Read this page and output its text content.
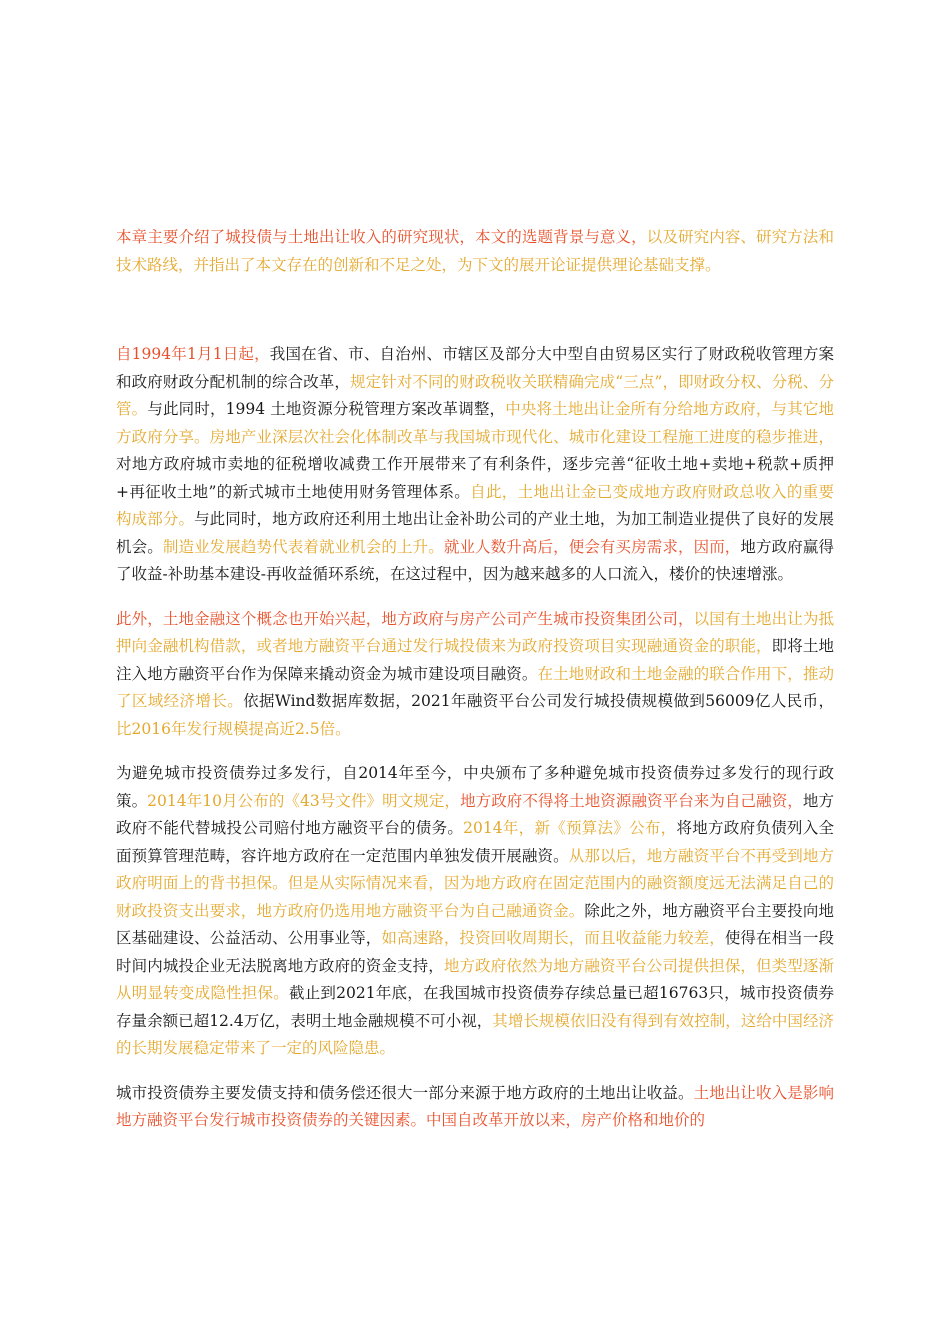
本章主要介绍了城投债与土地出让收入的研究现状，本文的选题背景与意义，以及研究内容、研究方法和技术路线，并指出了本文存在的创新和不足之处，为下文的展开论证提供理论基础支撑。

自1994年1月1日起，我国在省、市、自治州、市辖区及部分大中型自由贸易区实行了财政税收管理方案和政府财政分配机制的综合改革，规定针对不同的财政税收关联精确完成“三点”，即财政分权、分税、分管。与此同时，1994 土地资源分税管理方案改革调整，中央将土地出让金所有分给地方政府，与其它地方政府分享。房地产业深层次社会化体制改革与我国城市现代化、城市化建设工程施工进度的稳步推进，对地方政府城市卖地的征税增收减费工作开展带来了有利条件，逐步完善“征收土地+卖地+税款+质押+再征收土地”的新式城市土地使用财务管理体系。自此，土地出让金已变成地方政府财政总收入的重要构成部分。与此同时，地方政府还利用土地出让金补助公司的产业土地，为加工制造业提供了良好的发展机会。制造业发展趋势代表着就业机会的上升。就业人数升高后，便会有买房需求，因而，地方政府赢得了收益-补助基本建设-再收益循环系统，在这过程中，因为越来越多的人口流入，楼价的快速增涨。

此外，土地金融这个概念也开始兴起，地方政府与房产公司产生城市投资集团公司，以国有土地出让为抵押向金融机构借款，或者地方融资平台通过发行城投债来为政府投资项目实现融通资金的职能，即将土地注入地方融资平台作为保障来撬动资金为城市建设项目融资。在土地财政和土地金融的联合作用下，推动了区域经济增长。依据Wind数据库数据，2021年融资平台公司发行城投债规模做到56009亿人民币，比2016年发行规模提高近2.5倍。

为避免城市投资债券过多发行，自2014年至今，中央颁布了多种避免城市投资债券过多发行的现行政策。2014年10月公布的《43号文件》明文规定，地方政府不得将土地资源融资平台来为自己融资，地方政府不能代替城投公司赔付地方融资平台的债务。2014年，新《预算法》公布，将地方政府负债列入全面预算管理范畴，容许地方政府在一定范围内单独发债开展融资。从那以后，地方融资平台不再受到地方政府明面上的背书担保。但是从实际情况来看，因为地方政府在固定范围内的融资额度远无法满足自己的财政投资支出要求，地方政府仍选用地方融资平台为自己融通资金。除此之外，地方融资平台主要投向地区基础建设、公益活动、公用事业等，如高速路，投资回收周期长，而且收益能力较差，使得在相当一段时间内城投企业无法脱离地方政府的资金支持，地方政府依然为地方融资平台公司提供担保，但类型逐渐从明显转变成隐性担保。截止到2021年底，在我国城市投资债券存续总量已超16763只，城市投资债券存量余额已超12.4万亿，表明土地金融规模不可小视，其增长规模依旧没有得到有效控制，这给中国经济的长期发展稳定带来了一定的风险隐患。

城市投资债券主要发债支持和债务偿还很大一部分来源于地方政府的土地出让收益。土地出让收入是影响地方融资平台发行城市投资债券的关键因素。中国自改革开放以来，房产价格和地价的
